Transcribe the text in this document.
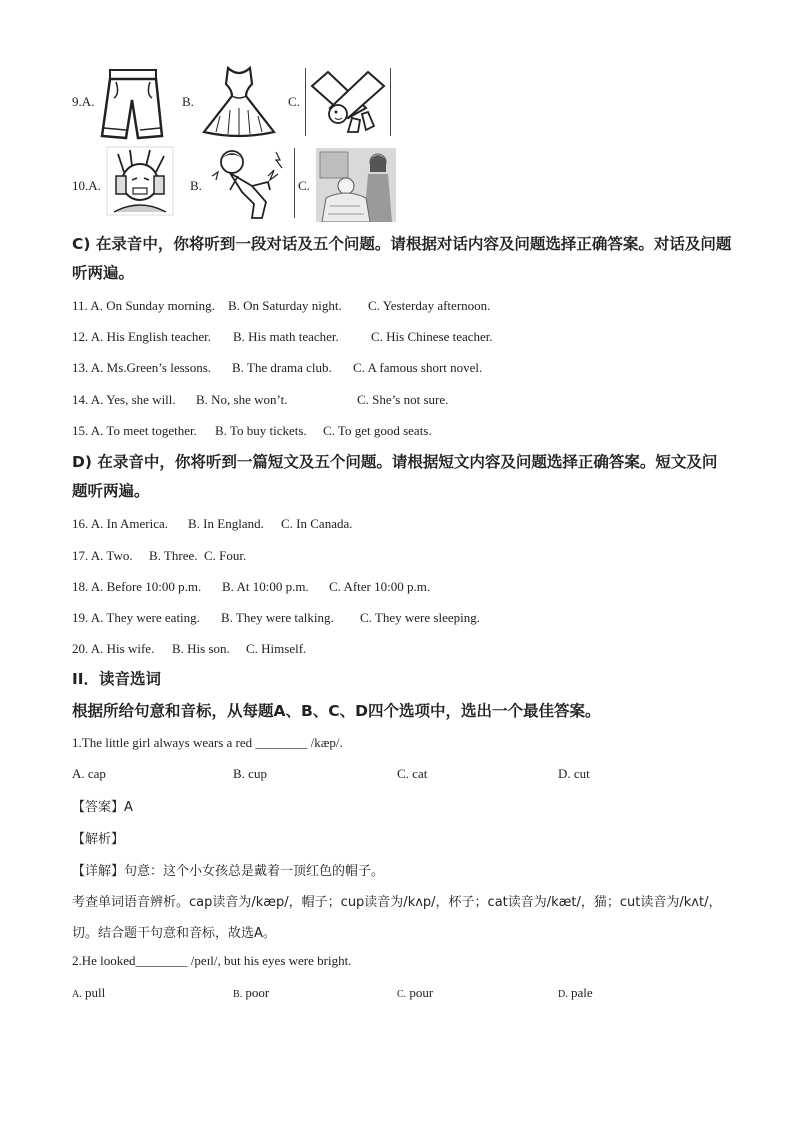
9.A.	B.	C.
10.A.	B.	C.
C) 在录音中，你将听到一段对话及五个问题。请根据对话内容及问题选择正确答案。对话及问题听两遍。
11. A. On Sunday morning. B. On Saturday night. C. Yesterday afternoon.
12. A. His English teacher. B. His math teacher. C. His Chinese teacher.
13. A. Ms.Green’s lessons. B. The drama club. C. A famous short novel.
14. A. Yes, she will. B. No, she won’t.	C. She’s not sure.
15. A. To meet together. B. To buy tickets. C. To get good seats.
D) 在录音中，你将听到一篇短文及五个问题。请根据短文内容及问题选择正确答案。短文及问题听两遍。
16. A. In America. B. In England. C. In Canada.
17. A. Two. B. Three. C. Four.
18. A. Before 10:00 p.m. B. At 10:00 p.m. C. After 10:00 p.m.
19. A. They were eating. B. They were talking. C. They were sleeping.
20. A. His wife. B. His son. C. Himself.
II．读音选词
根据所给句意和音标，从每题A、B、C、D四个选项中，选出一个最佳答案。
1.The little girl always wears a red ________ /kæp/.
A. cap	B. cup	C. cat	D. cut
【答案】A
【解析】
【详解】句意：这个小女孩总是戴着一顶红色的帽子。
考查单词语音辨析。cap读音为/kæp/，帽子；cup读音为/kʌp/，杯子；cat读音为/kæt/，猫；cut读音为/kʌt/，
切。结合题干句意和音标，故选A。
2.He looked________ /peɪl/, but his eyes were bright.
A. pull	B. poor	C. pour	D. pale
